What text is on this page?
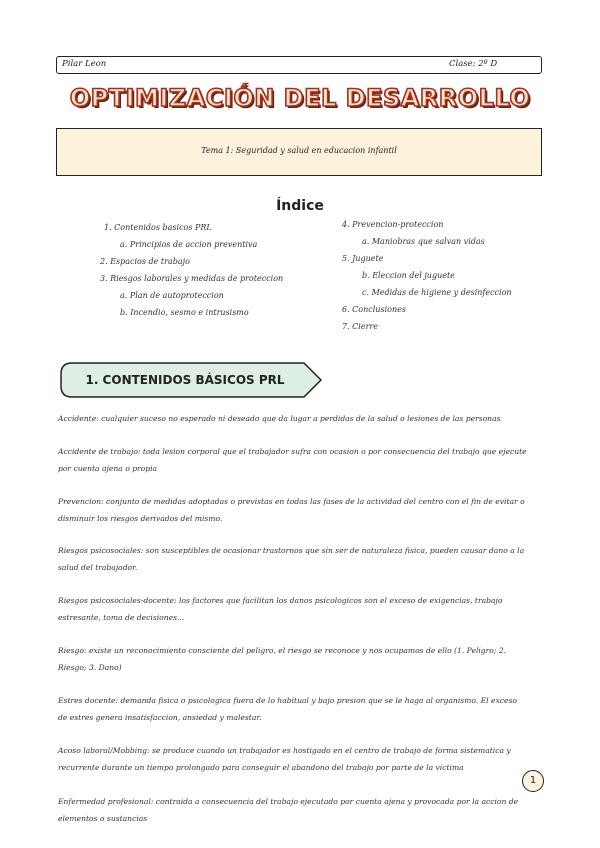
Pilar Leon	Clase: 2º D
OPTIMIZACIÓN DEL DESARROLLO
Tema 1: Seguridad y salud en educacion infantil
Índice
1. Contenidos basicos PRL
a. Principios de accion preventiva
2. Espacios de trabajo
3. Riesgos laborales y medidas de proteccion
a. Plan de autoproteccion
b. Incendio, sesmo e intrusismo
4. Prevencion-proteccion
a. Maniobras que salvan vidas
5. Juguete
b. Eleccion del juguete
c. Medidas de higiene y desinfeccion
6. Conclusiones
7. Cierre
1. CONTENIDOS BÁSICOS PRL
Accidente: cualquier suceso no esperado ni deseado que da lugar a perdidas de la salud o lesiones de las personas
Accidente de trabajo: toda lesion corporal que el trabajador sufra con ocasion o por consecuencia del trabajo que ejecute por cuenta ajena o propia
Prevencion: conjunto de medidas adoptadas o previstas en todas las fases de la actividad del centro con el fin de evitar o disminuir los riesgos derivados del mismo.
Riesgos psicosociales: son susceptibles de ocasionar trastornos que sin ser de naturaleza fisica, pueden causar dano a la salud del trabajador.
Riesgos psicosociales-docente: los factores que facilitan los danos psicologicos son el exceso de exigencias, trabajo estresante, toma de decisiones...
Riesgo: existe un reconocimiento consciente del peligro, el riesgo se reconoce y nos ocupamos de ello (1. Peligro; 2. Riesgo; 3. Dano)
Estres docente: demanda fisica o psicologica fuera de lo habitual y bajo presion que se le haga al organismo. El exceso de estres genera insatisfaccion, ansiedad y malestar.
Acoso laboral/Mobbing: se produce cuando un trabajador es hostigado en el centro de trabajo de forma sistematica y recurrente durante un tiempo prolongado para conseguir el abandono del trabajo por parte de la victima
Enfermedad profesional: contraida a consecuencia del trabajo ejecutado por cuenta ajena y provocada por la accion de elementos o sustancias
1
